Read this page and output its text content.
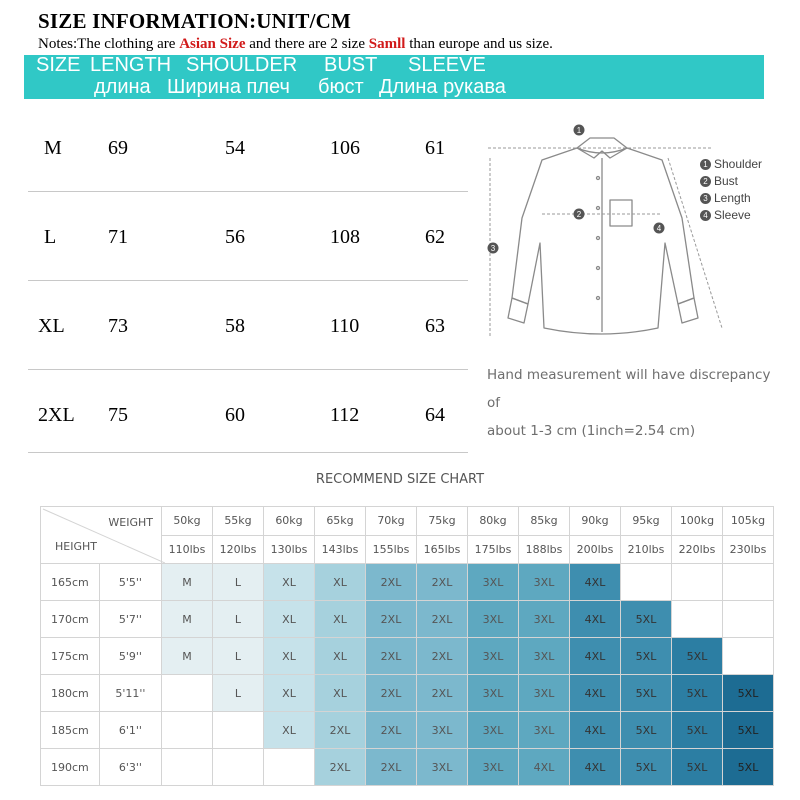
SIZE INFORMATION:UNIT/CM
Notes:The clothing are Asian Size and there are 2 size Samll than europe and us size.
SIZE LENGTH SHOULDER BUST SLEEVE
длина Ширина плеч бюст Длина рукава
M 69	54	106	61
L	71	56	108	62
XL 73	58	110	63
2XL 75	60	112	64
1
2
3
4
1 Shoulder
2 Bust
3 Length
4 Sleeve
Hand measurement will have discrepancy of
about 1-3 cm (1inch=2.54 cm)
RECOMMEND SIZE CHART
WEIGHT
HEIGHT		50kg	55kg	60kg	65kg	70kg	75kg	80kg	85kg	90kg	95kg	100kg	105kg
		110lbs	120lbs	130lbs	143lbs	155lbs	165lbs	175lbs	188lbs	200lbs	210lbs	220lbs	230lbs
165cm	5'5''	M	L	XL	XL	2XL	2XL	3XL	3XL	4XL			
170cm	5'7''	M	L	XL	XL	2XL	2XL	3XL	3XL	4XL	5XL		
175cm	5'9''	M	L	XL	XL	2XL	2XL	3XL	3XL	4XL	5XL	5XL	
180cm	5'11''		L	XL	XL	2XL	2XL	3XL	3XL	4XL	5XL	5XL	5XL
185cm	6'1''			XL	2XL	2XL	3XL	3XL	3XL	4XL	5XL	5XL	5XL
190cm	6'3''				2XL	2XL	3XL	3XL	4XL	4XL	5XL	5XL	5XL
